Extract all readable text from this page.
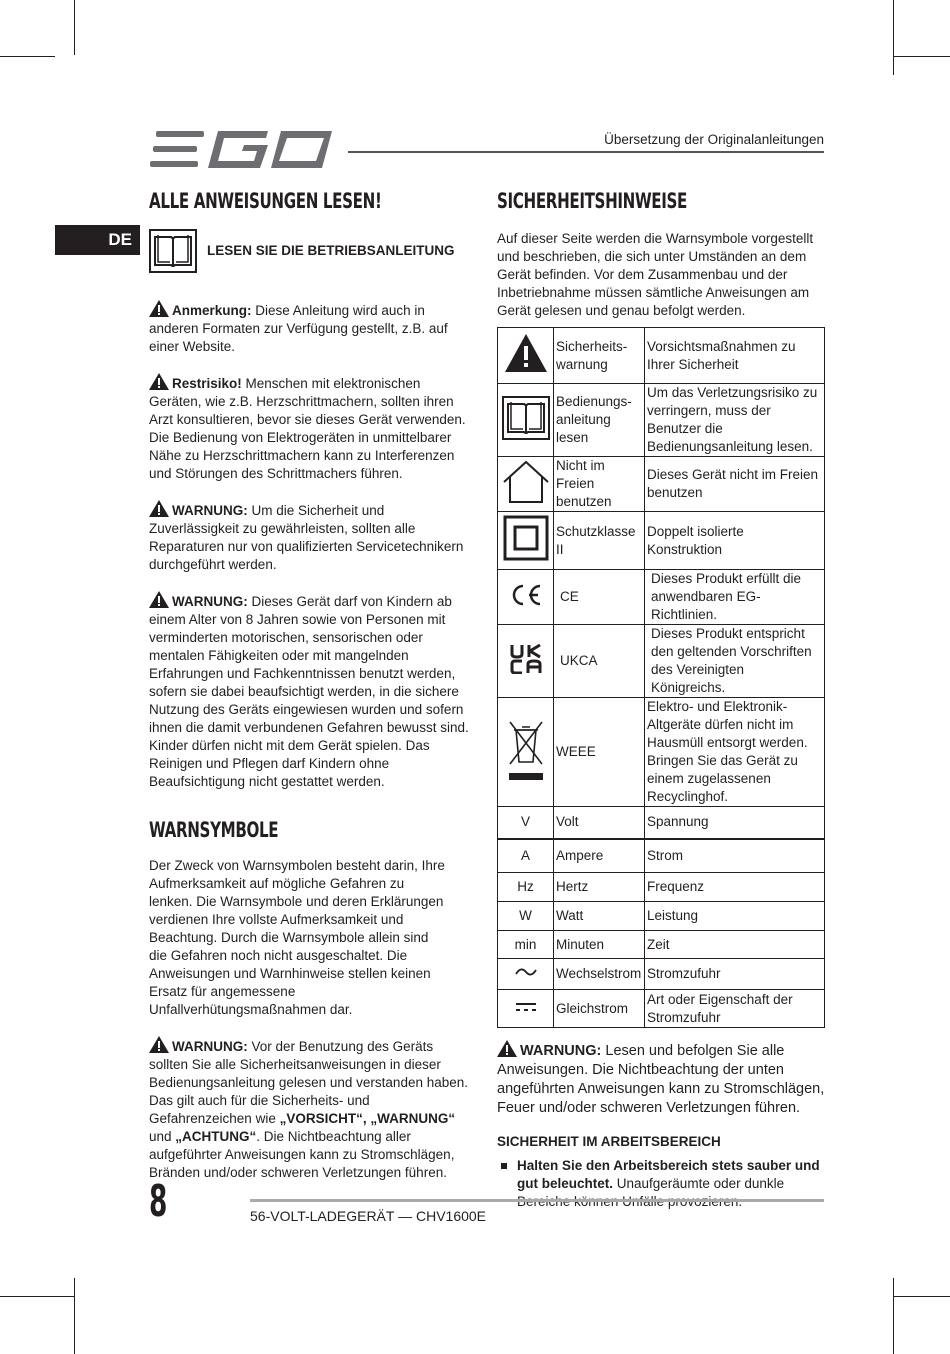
Übersetzung der Originalanleitungen
DE
ALLE ANWEISUNGEN LESEN!
LESEN SIE DIE BETRIEBSANLEITUNG

Anmerkung: Diese Anleitung wird auch in anderen Formaten zur Verfügung gestellt, z.B. auf einer Website.

Restrisiko! Menschen mit elektronischen Geräten, wie z.B. Herzschrittmachern, sollten ihren Arzt konsultieren, bevor sie dieses Gerät verwenden. Die Bedienung von Elektrogeräten in unmittelbarer Nähe zu Herzschrittmachern kann zu Interferenzen und Störungen des Schrittmachers führen.

WARNUNG: Um die Sicherheit und Zuverlässigkeit zu gewährleisten, sollten alle Reparaturen nur von qualifizierten Servicetechnikern durchgeführt werden.

WARNUNG: Dieses Gerät darf von Kindern ab einem Alter von 8 Jahren sowie von Personen mit verminderten motorischen, sensorischen oder mentalen Fähigkeiten oder mit mangelnden Erfahrungen und Fachkenntnissen benutzt werden, sofern sie dabei beaufsichtigt werden, in die sichere Nutzung des Geräts eingewiesen wurden und sofern ihnen die damit verbundenen Gefahren bewusst sind. Kinder dürfen nicht mit dem Gerät spielen. Das Reinigen und Pflegen darf Kindern ohne Beaufsichtigung nicht gestattet werden.

WARNSYMBOLE

Der Zweck von Warnsymbolen besteht darin, Ihre Aufmerksamkeit auf mögliche Gefahren zu lenken. Die Warnsymbole und deren Erklärungen verdienen Ihre vollste Aufmerksamkeit und Beachtung. Durch die Warnsymbole allein sind die Gefahren noch nicht ausgeschaltet. Die Anweisungen und Warnhinweise stellen keinen Ersatz für angemessene Unfallverhütungsmaßnahmen dar.

WARNUNG: Vor der Benutzung des Geräts sollten Sie alle Sicherheitsanweisungen in dieser Bedienungsanleitung gelesen und verstanden haben. Das gilt auch für die Sicherheits- und Gefahrenzeichen wie „VORSICHT“, „WARNUNG“ und „ACHTUNG“. Die Nichtbeachtung aller aufgeführter Anweisungen kann zu Stromschlägen, Bränden und/oder schweren Verletzungen führen.

SICHERHEITSHINWEISE

Auf dieser Seite werden die Warnsymbole vorgestellt und beschrieben, die sich unter Umständen an dem Gerät befinden. Vor dem Zusammenbau und der Inbetriebnahme müssen sämtliche Anweisungen am Gerät gelesen und genau befolgt werden.

	Sicherheits-warnung	Vorsichtsmaßnahmen zu Ihrer Sicherheit
	Bedienungs-anleitung lesen	Um das Verletzungsrisiko zu verringern, muss der Benutzer die Bedienungsanleitung lesen.
	Nicht im Freien benutzen	Dieses Gerät nicht im Freien benutzen
	Schutzklasse II	Doppelt isolierte Konstruktion
	CE	Dieses Produkt erfüllt die anwendbaren EG-Richtlinien.
	UKCA	Dieses Produkt entspricht den geltenden Vorschriften des Vereinigten Königreichs.
	WEEE	Elektro- und Elektronik-Altgeräte dürfen nicht im Hausmüll entsorgt werden. Bringen Sie das Gerät zu einem zugelassenen Recyclinghof.
V	Volt	Spannung
A	Ampere	Strom
Hz	Hertz	Frequenz
W	Watt	Leistung
min	Minuten	Zeit
	Wechselstrom	Stromzufuhr
	Gleichstrom	Art oder Eigenschaft der Stromzufuhr

WARNUNG: Lesen und befolgen Sie alle Anweisungen. Die Nichtbeachtung der unten angeführten Anweisungen kann zu Stromschlägen, Feuer und/oder schweren Verletzungen führen.

SICHERHEIT IM ARBEITSBEREICH

Halten Sie den Arbeitsbereich stets sauber und gut beleuchtet. Unaufgeräumte oder dunkle

8	56-VOLT-LADEGERÄT — CHV1600E
